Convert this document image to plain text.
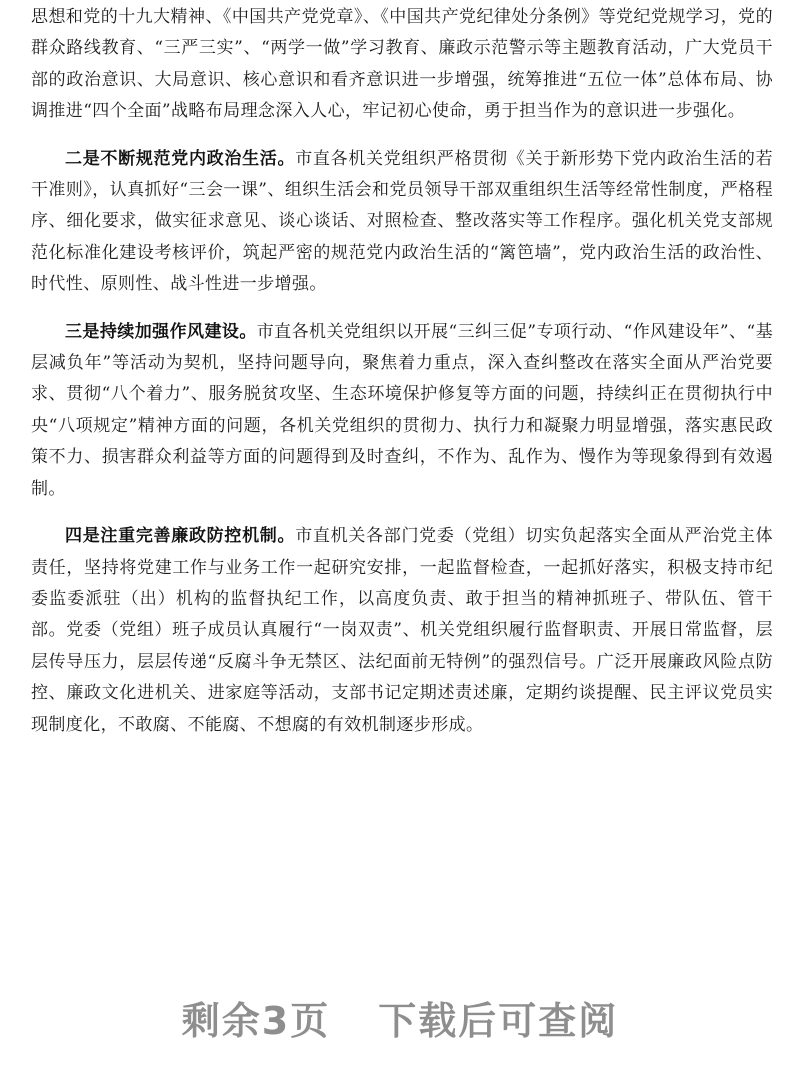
思想和党的十九大精神、《中国共产党党章》、《中国共产党纪律处分条例》等党纪党规学习，党的群众路线教育、“三严三实”、“两学一做”学习教育、廉政示范警示等主题教育活动，广大党员干部的政治意识、大局意识、核心意识和看齐意识进一步增强，统筹推进“五位一体”总体布局、协调推进“四个全面”战略布局理念深入人心，牢记初心使命，勇于担当作为的意识进一步强化。

二是不断规范党内政治生活。市直各机关党组织严格贯彻《关于新形势下党内政治生活的若干准则》，认真抓好“三会一课”、组织生活会和党员领导干部双重组织生活等经常性制度，严格程序、细化要求，做实征求意见、谈心谈话、对照检查、整改落实等工作程序。强化机关党支部规范化标准化建设考核评价，筑起严密的规范党内政治生活的“篱笆墙”，党内政治生活的政治性、时代性、原则性、战斗性进一步增强。

三是持续加强作风建设。市直各机关党组织以开展“三纠三促”专项行动、“作风建设年”、“基层减负年”等活动为契机，坚持问题导向，聚焦着力重点，深入查纠整改在落实全面从严治党要求、贯彻“八个着力”、服务脱贫攻坚、生态环境保护修复等方面的问题，持续纠正在贯彻执行中央“八项规定”精神方面的问题，各机关党组织的贯彻力、执行力和凝聚力明显增强，落实惠民政策不力、损害群众利益等方面的问题得到及时查纠，不作为、乱作为、慢作为等现象得到有效遏制。

四是注重完善廉政防控机制。市直机关各部门党委（党组）切实负起落实全面从严治党主体责任，坚持将党建工作与业务工作一起研究安排，一起监督检查，一起抓好落实，积极支持市纪委监委派驻（出）机构的监督执纪工作，以高度负责、敢于担当的精神抓班子、带队伍、管干部。党委（党组）班子成员认真履行“一岗双责”、机关党组织履行监督职责、开展日常监督，层层传导压力，层层传递“反腐斗争无禁区、法纪面前无特例”的强烈信号。广泛开展廉政风险点防控、廉政文化进机关、进家庭等活动，支部书记定期述责述廉，定期约谈提醒、民主评议党员实现制度化，不敢腐、不能腐、不想腐的有效机制逐步形成。

剩余3页 下载后可查阅
